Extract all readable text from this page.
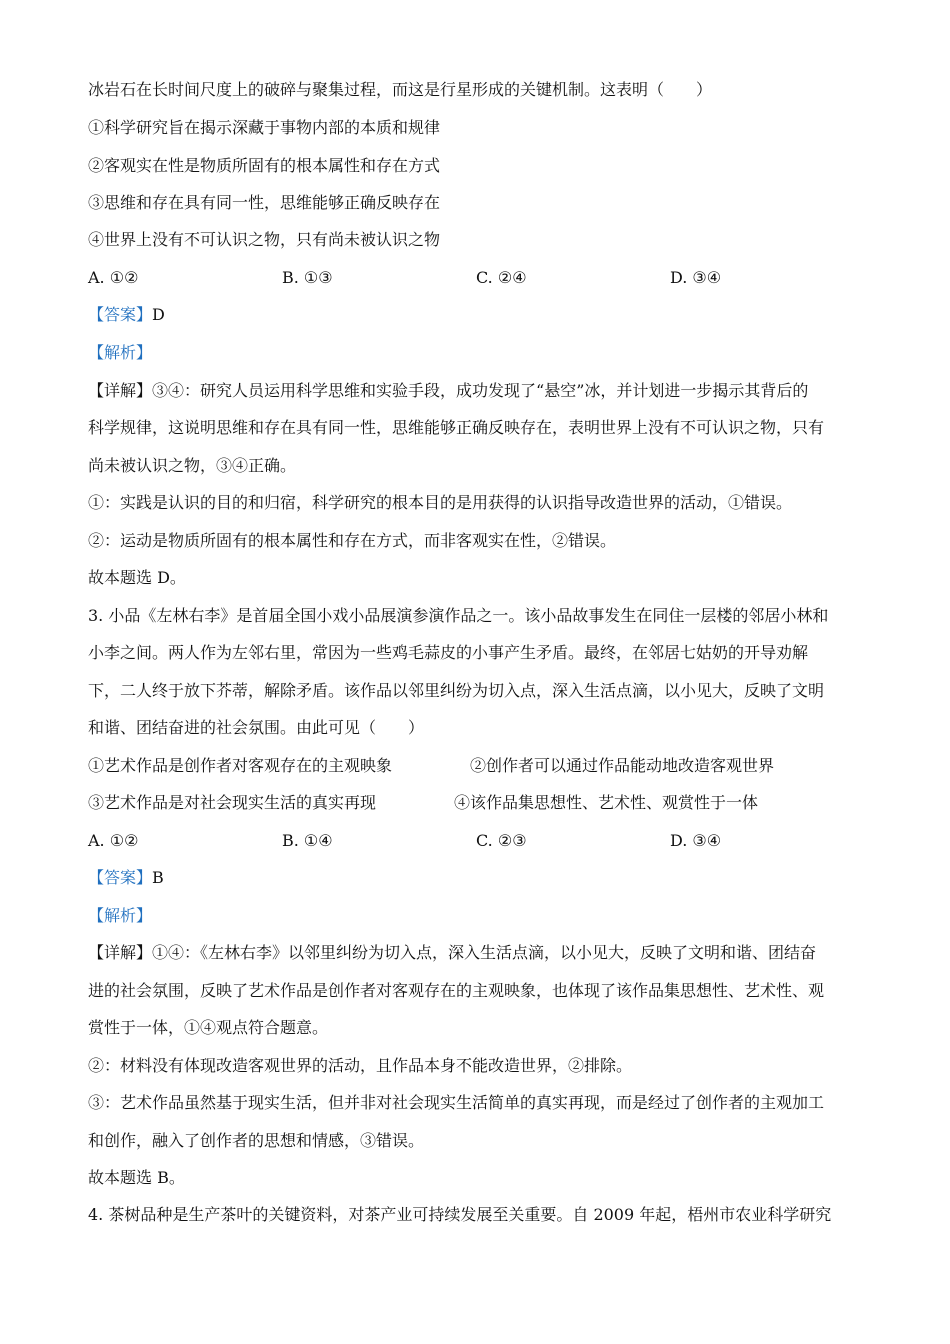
冰岩石在长时间尺度上的破碎与聚集过程，而这是行星形成的关键机制。这表明（　　）
①科学研究旨在揭示深藏于事物内部的本质和规律
②客观实在性是物质所固有的根本属性和存在方式
③思维和存在具有同一性，思维能够正确反映存在
④世界上没有不可认识之物，只有尚未被认识之物
A. ①②	B. ①③	C. ②④	D. ③④
【答案】D
【解析】
【详解】③④：研究人员运用科学思维和实验手段，成功发现了“悬空”冰，并计划进一步揭示其背后的
科学规律，这说明思维和存在具有同一性，思维能够正确反映存在，表明世界上没有不可认识之物，只有
尚未被认识之物，③④正确。
①：实践是认识的目的和归宿，科学研究的根本目的是用获得的认识指导改造世界的活动，①错误。
②：运动是物质所固有的根本属性和存在方式，而非客观实在性，②错误。
故本题选 D。
3. 小品《左林右李》是首届全国小戏小品展演参演作品之一。该小品故事发生在同住一层楼的邻居小林和
小李之间。两人作为左邻右里，常因为一些鸡毛蒜皮的小事产生矛盾。最终，在邻居七姑奶的开导劝解
下，二人终于放下芥蒂，解除矛盾。该作品以邻里纠纷为切入点，深入生活点滴，以小见大，反映了文明
和谐、团结奋进的社会氛围。由此可见（　　）
①艺术作品是创作者对客观存在的主观映象	②创作者可以通过作品能动地改造客观世界
③艺术作品是对社会现实生活的真实再现	④该作品集思想性、艺术性、观赏性于一体
A. ①②	B. ①④	C. ②③	D. ③④
【答案】B
【解析】
【详解】①④：《左林右李》以邻里纠纷为切入点，深入生活点滴，以小见大，反映了文明和谐、团结奋
进的社会氛围，反映了艺术作品是创作者对客观存在的主观映象，也体现了该作品集思想性、艺术性、观
赏性于一体，①④观点符合题意。
②：材料没有体现改造客观世界的活动，且作品本身不能改造世界，②排除。
③：艺术作品虽然基于现实生活，但并非对社会现实生活简单的真实再现，而是经过了创作者的主观加工
和创作，融入了创作者的思想和情感，③错误。
故本题选 B。
4. 茶树品种是生产茶叶的关键资料，对茶产业可持续发展至关重要。自 2009 年起，梧州市农业科学研究
